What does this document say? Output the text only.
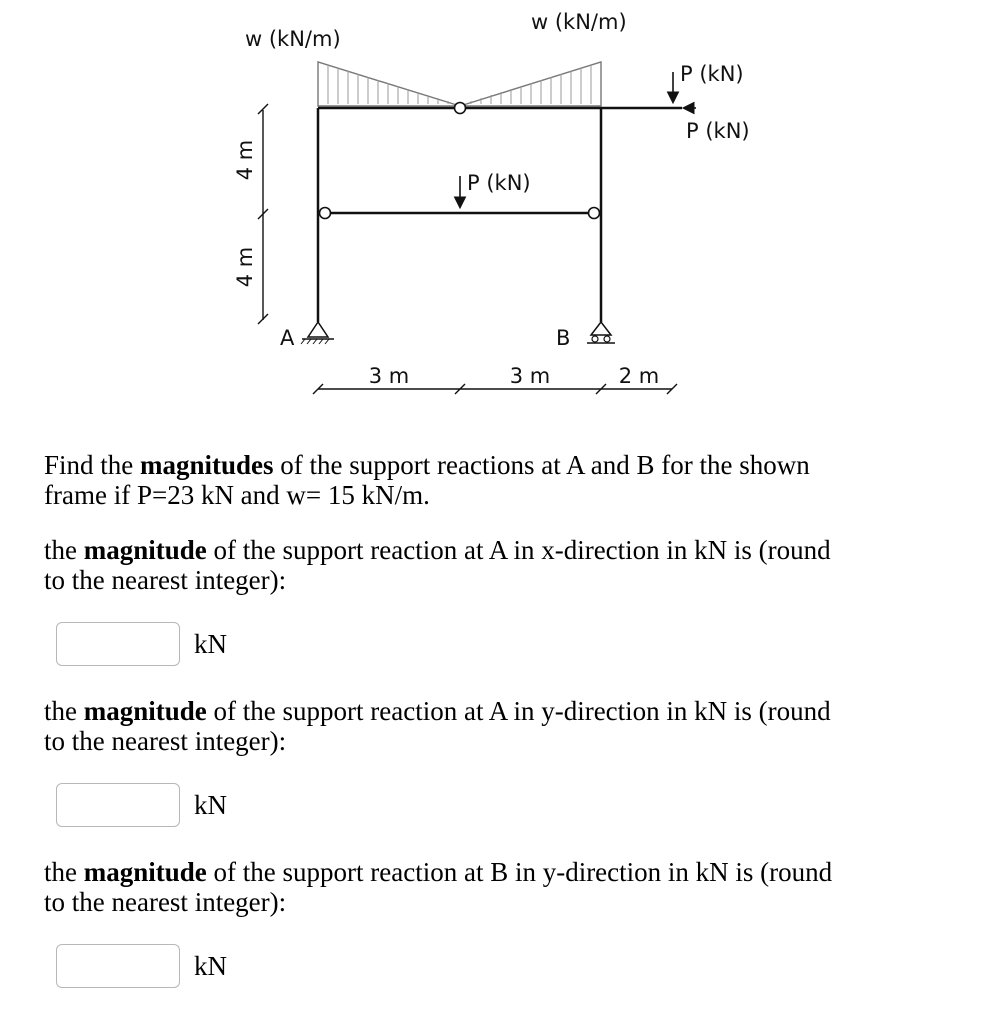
w (kN/m)
w (kN/m)
P (kN)
P (kN)
P (kN)
4 m
4 m
3 m	3 m	2 m
A	B

Find the magnitudes of the support reactions at A and B for the shown
frame if P=23 kN and w= 15 kN/m.

the magnitude of the support reaction at A in x-direction in kN is (round
to the nearest integer):

kN

the magnitude of the support reaction at A in y-direction in kN is (round
to the nearest integer):

kN

the magnitude of the support reaction at B in y-direction in kN is (round
to the nearest integer):

kN
